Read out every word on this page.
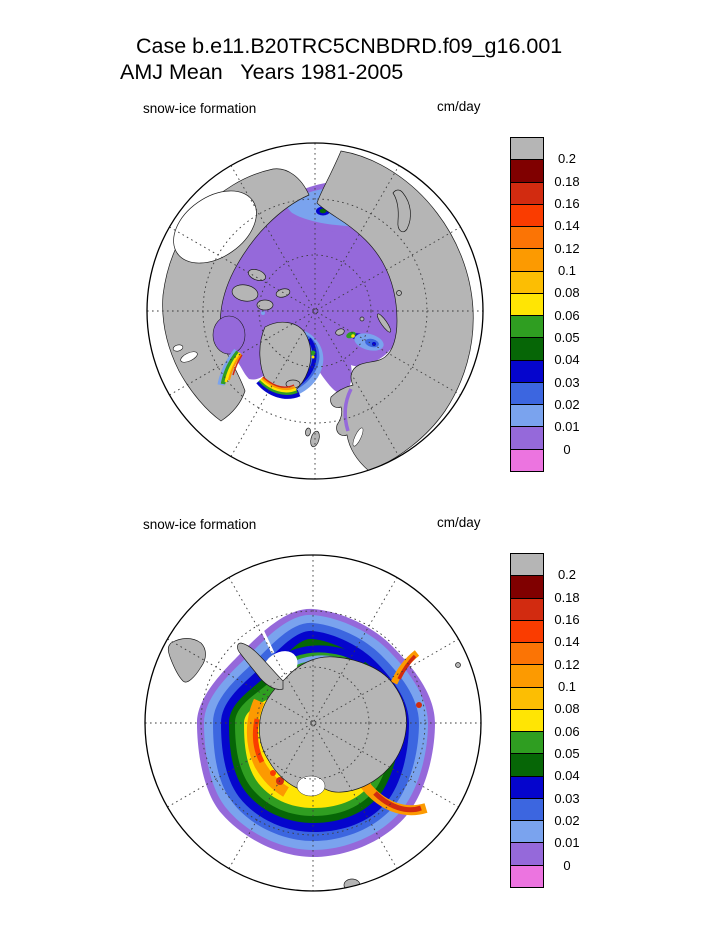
Case b.e11.B20TRC5CNBDRD.f09_g16.001
AMJ Mean   Years 1981-2005
snow-ice formation	cm/day
0.2
0.18
0.16
0.14
0.12
0.1
0.08
0.06
0.05
0.04
0.03
0.02
0.01
0
snow-ice formation	cm/day
0.2
0.18
0.16
0.14
0.12
0.1
0.08
0.06
0.05
0.04
0.03
0.02
0.01
0
